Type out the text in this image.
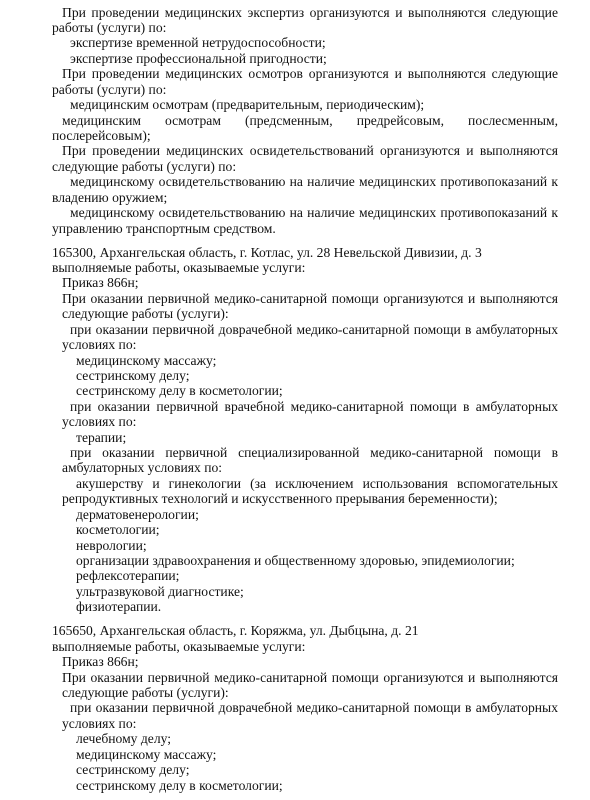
При проведении медицинских экспертиз организуются и выполняются следующие
работы (услуги) по:
экспертизе временной нетрудоспособности;
экспертизе профессиональной пригодности;
При проведении медицинских осмотров организуются и выполняются следующие
работы (услуги) по:
медицинским осмотрам (предварительным, периодическим);
медицинским осмотрам (предсменным, предрейсовым, послесменным,
послерейсовым);
При проведении медицинских освидетельствований организуются и выполняются
следующие работы (услуги) по:
медицинскому освидетельствованию на наличие медицинских противопоказаний к
владению оружием;
медицинскому освидетельствованию на наличие медицинских противопоказаний к
управлению транспортным средством.
165300, Архангельская область, г. Котлас, ул. 28 Невельской Дивизии, д. 3
выполняемые работы, оказываемые услуги:
Приказ 866н;
При оказании первичной медико-санитарной помощи организуются и выполняются
следующие работы (услуги):
при оказании первичной доврачебной медико-санитарной помощи в амбулаторных
условиях по:
медицинскому массажу;
сестринскому делу;
сестринскому делу в косметологии;
при оказании первичной врачебной медико-санитарной помощи в амбулаторных
условиях по:
терапии;
при оказании первичной специализированной медико-санитарной помощи в
амбулаторных условиях по:
акушерству и гинекологии (за исключением использования вспомогательных
репродуктивных технологий и искусственного прерывания беременности);
дерматовенерологии;
косметологии;
неврологии;
организации здравоохранения и общественному здоровью, эпидемиологии;
рефлексотерапии;
ультразвуковой диагностике;
физиотерапии.
165650, Архангельская область, г. Коряжма, ул. Дыбцына, д. 21
выполняемые работы, оказываемые услуги:
Приказ 866н;
При оказании первичной медико-санитарной помощи организуются и выполняются
следующие работы (услуги):
при оказании первичной доврачебной медико-санитарной помощи в амбулаторных
условиях по:
лечебному делу;
медицинскому массажу;
сестринскому делу;
сестринскому делу в косметологии;
